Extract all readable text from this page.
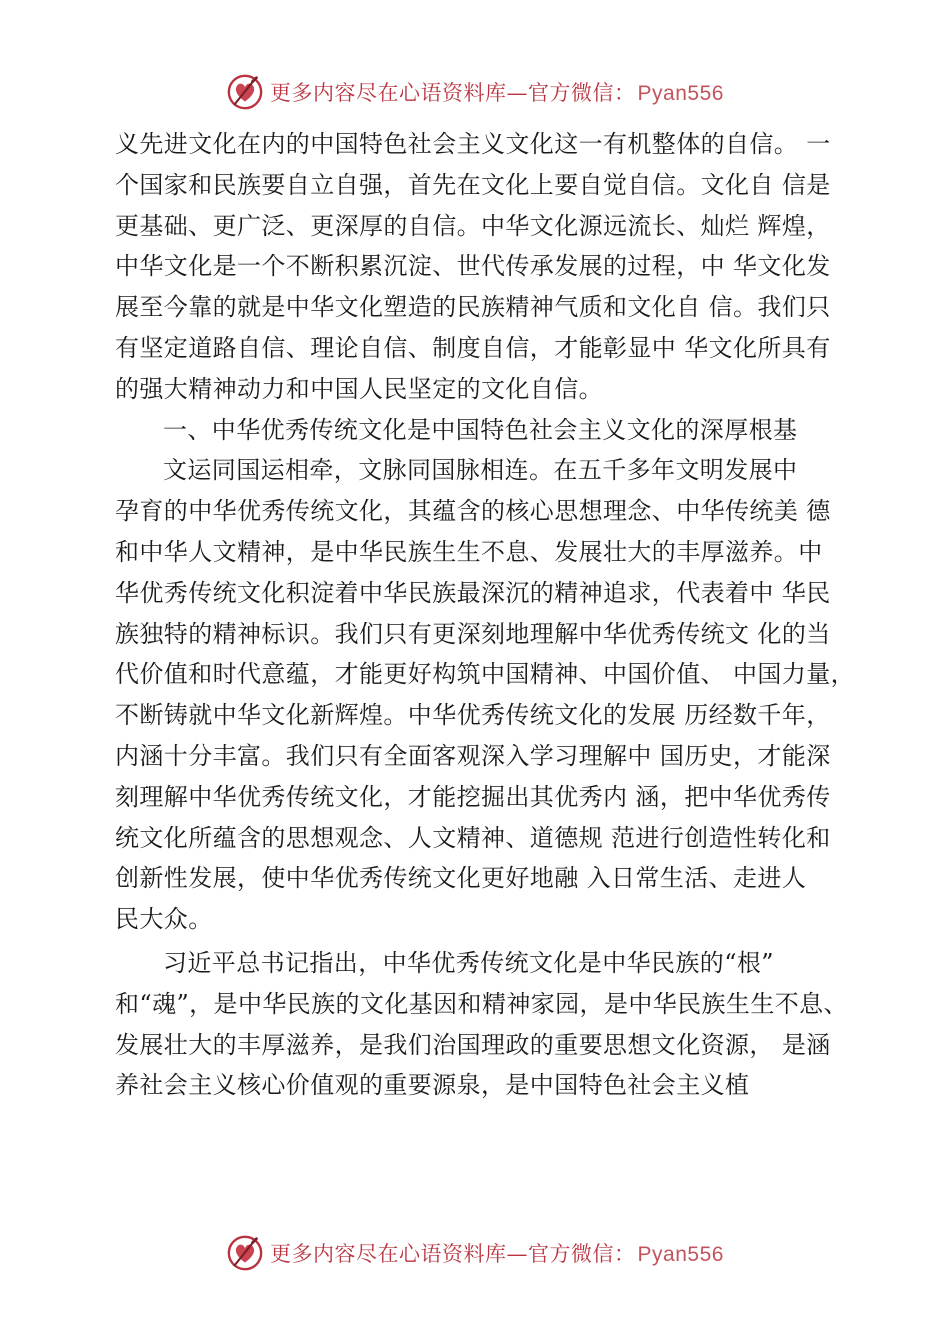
更多内容尽在心语资料库—官方微信：Pyan556
义先进文化在内的中国特色社会主义文化这一有机整体的自信。 一
个国家和民族要自立自强，首先在文化上要自觉自信。文化自 信是
更基础、更广泛、更深厚的自信。中华文化源远流长、灿烂 辉煌，
中华文化是一个不断积累沉淀、世代传承发展的过程，中 华文化发
展至今靠的就是中华文化塑造的民族精神气质和文化自 信。我们只
有坚定道路自信、理论自信、制度自信，才能彰显中 华文化所具有
的强大精神动力和中国人民坚定的文化自信。
一、中华优秀传统文化是中国特色社会主义文化的深厚根基
文运同国运相牵，文脉同国脉相连。在五千多年文明发展中
孕育的中华优秀传统文化，其蕴含的核心思想理念、中华传统美 德
和中华人文精神，是中华民族生生不息、发展壮大的丰厚滋养。中
华优秀传统文化积淀着中华民族最深沉的精神追求，代表着中 华民
族独特的精神标识。我们只有更深刻地理解中华优秀传统文 化的当
代价值和时代意蕴，才能更好构筑中国精神、中国价值、 中国力量，
不断铸就中华文化新辉煌。中华优秀传统文化的发展 历经数千年，
内涵十分丰富。我们只有全面客观深入学习理解中 国历史，才能深
刻理解中华优秀传统文化，才能挖掘出其优秀内 涵，把中华优秀传
统文化所蕴含的思想观念、人文精神、道德规 范进行创造性转化和
创新性发展，使中华优秀传统文化更好地融 入日常生活、走进人
民大众。
习近平总书记指出，中华优秀传统文化是中华民族的“根”
和“魂”，是中华民族的文化基因和精神家园，是中华民族生生不息、
发展壮大的丰厚滋养，是我们治国理政的重要思想文化资源， 是涵
养社会主义核心价值观的重要源泉，是中国特色社会主义植
更多内容尽在心语资料库—官方微信：Pyan556
